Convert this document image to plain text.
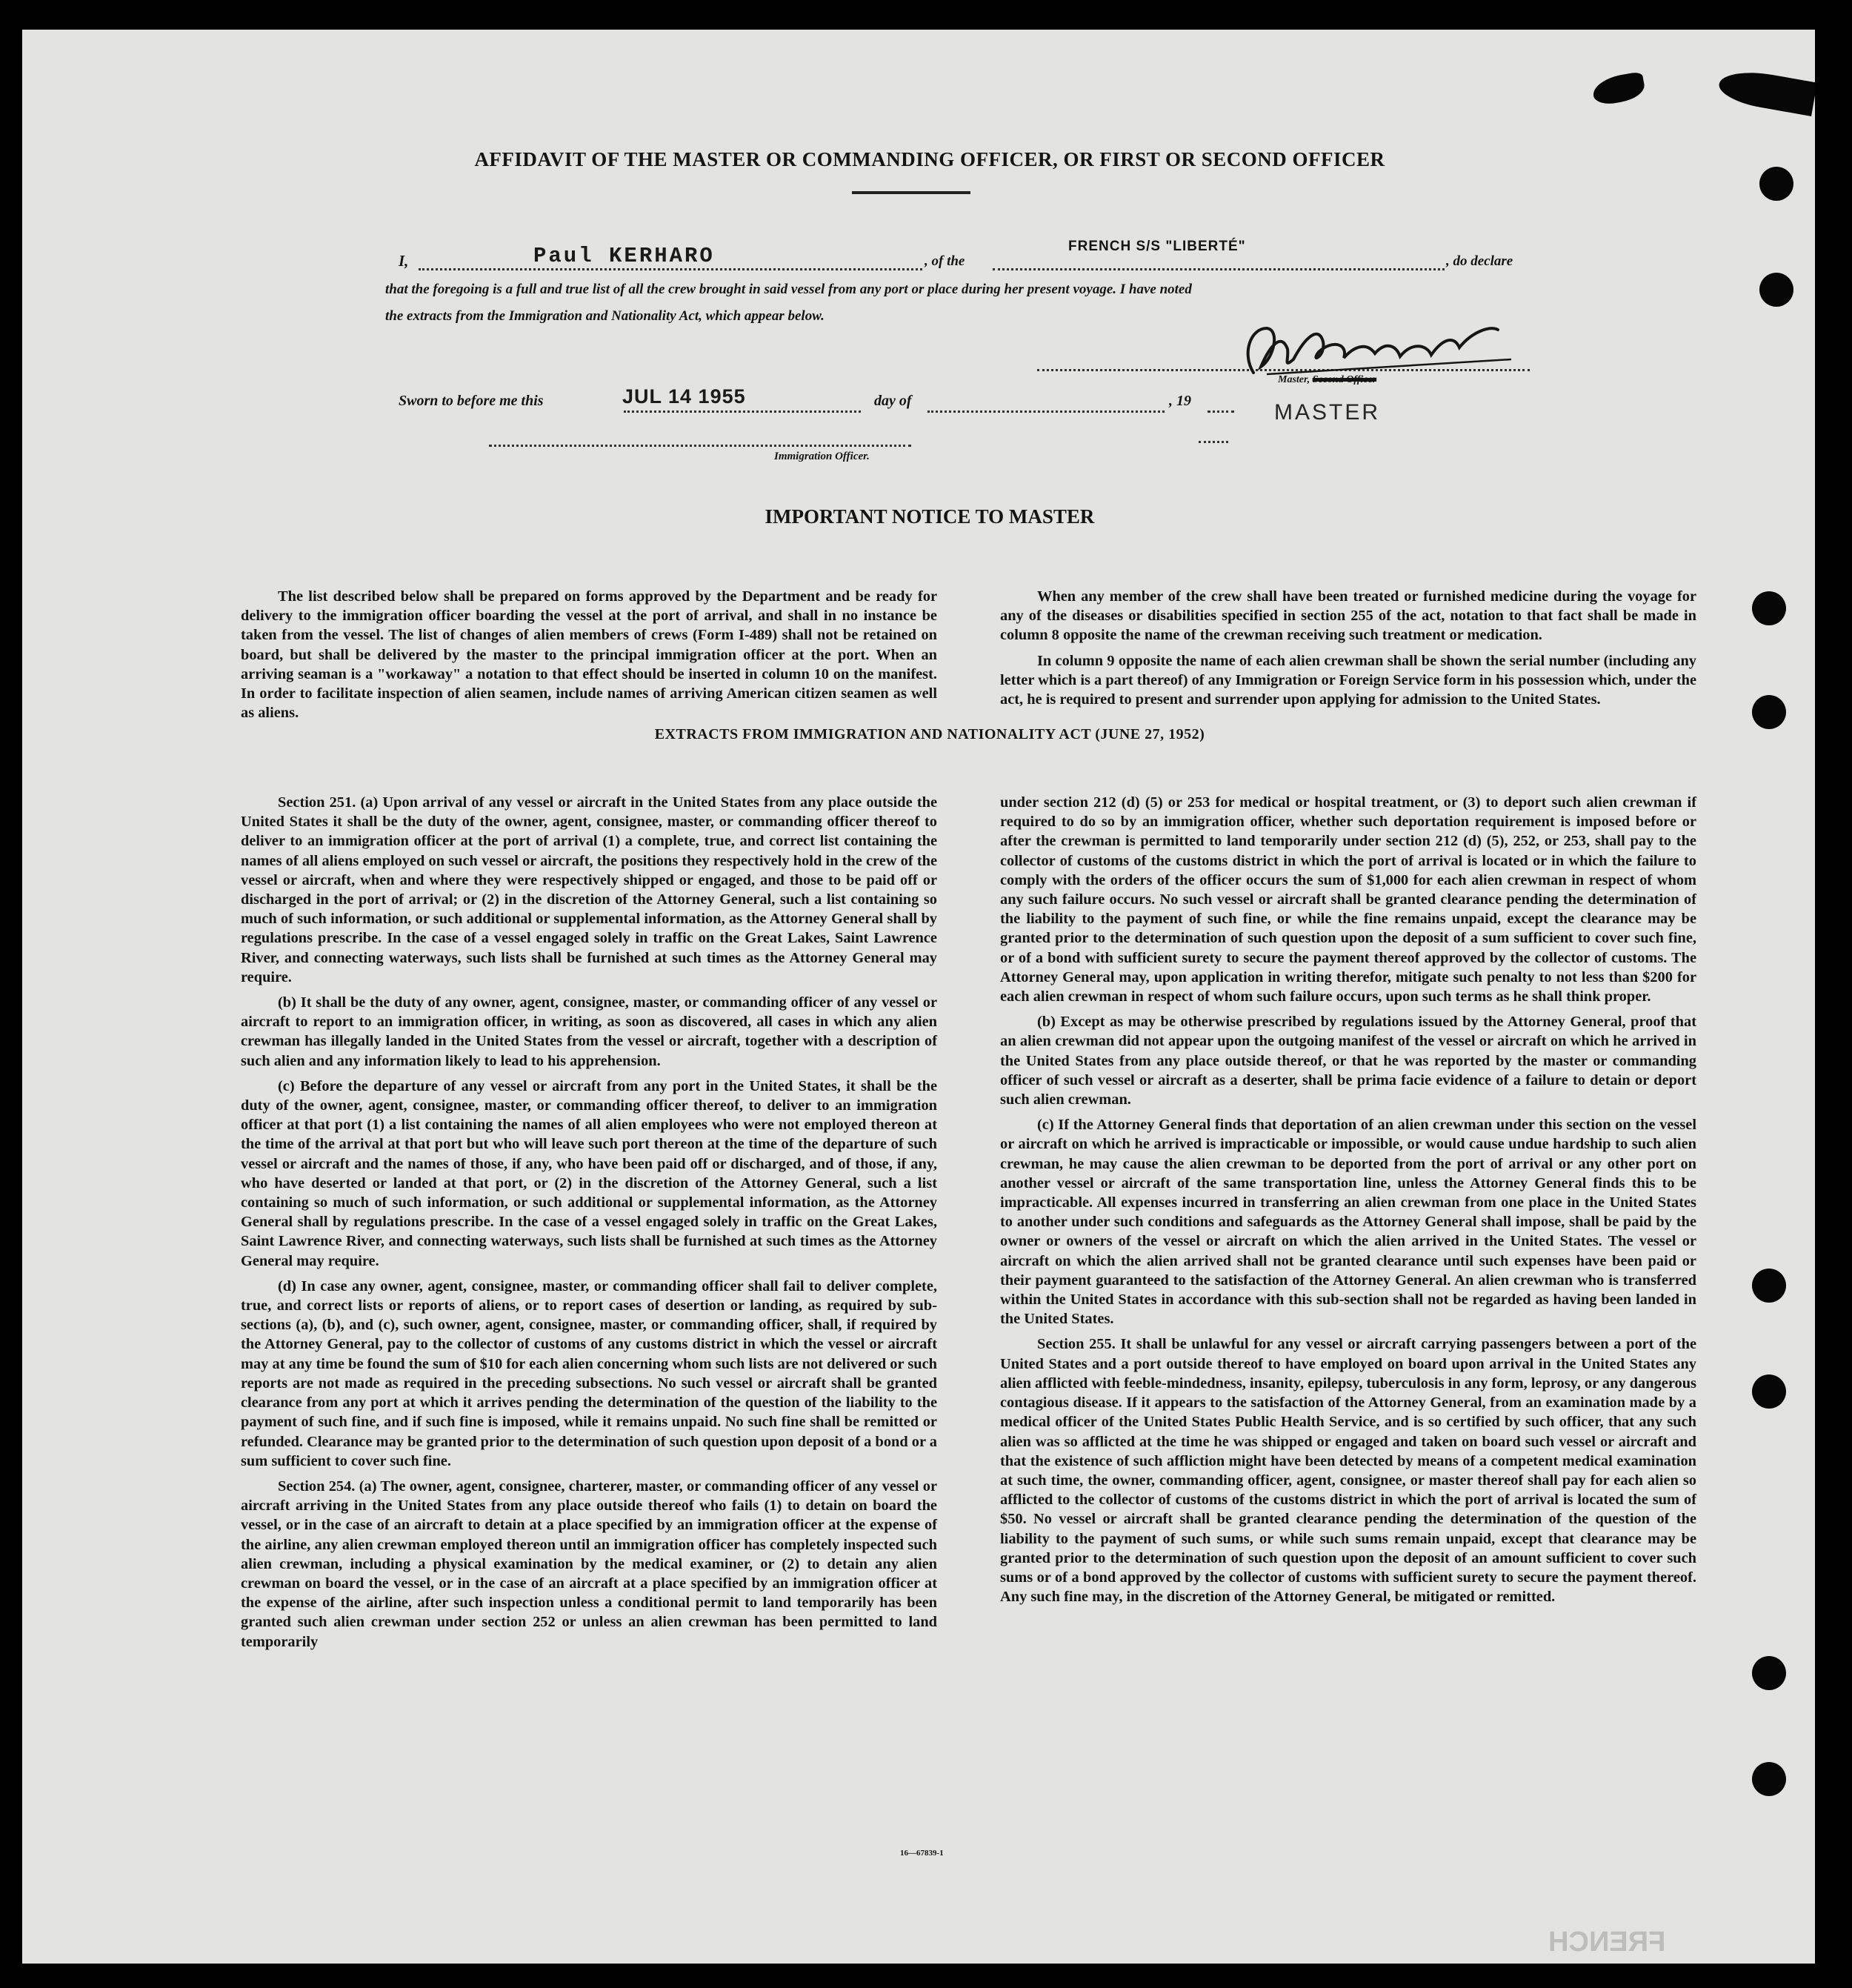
FRENCH
AFFIDAVIT OF THE MASTER OR COMMANDING OFFICER, OR FIRST OR SECOND OFFICER
I,	Paul KERHARO	, of the
FRENCH S/S "LIBERTÉ"
, do declare
that the foregoing is a full and true list of all the crew brought in said vessel from any port or place during her present voyage. I have noted
the extracts from the Immigration and Nationality Act, which appear below.
Master, Second Officer
Sworn to before me this	JUL 14 1955	day of	, 19	MASTER
Immigration Officer.
IMPORTANT NOTICE TO MASTER

The list described below shall be prepared on forms approved by the Department and be ready for delivery to the immigration officer boarding the vessel at the port of arrival, and shall in no instance be taken from the vessel. The list of changes of alien members of crews (Form I-489) shall not be retained on board, but shall be delivered by the master to the principal immigration officer at the port. When an arriving seaman is a "workaway" a notation to that effect should be inserted in column 10 on the manifest. In order to facilitate inspection of alien seamen, include names of arriving American citizen seamen as well as aliens.

When any member of the crew shall have been treated or furnished medicine during the voyage for any of the diseases or disabilities specified in section 255 of the act, notation to that fact shall be made in column 8 opposite the name of the crewman receiving such treatment or medication.

In column 9 opposite the name of each alien crewman shall be shown the serial number (including any letter which is a part thereof) of any Immigration or Foreign Service form in his possession which, under the act, he is required to present and surrender upon applying for admission to the United States.

EXTRACTS FROM IMMIGRATION AND NATIONALITY ACT (JUNE 27, 1952)

Section 251. (a) Upon arrival of any vessel or aircraft in the United States from any place outside the United States it shall be the duty of the owner, agent, consignee, master, or commanding officer thereof to deliver to an immigration officer at the port of arrival (1) a complete, true, and correct list containing the names of all aliens employed on such vessel or aircraft, the positions they respectively hold in the crew of the vessel or aircraft, when and where they were respectively shipped or engaged, and those to be paid off or discharged in the port of arrival; or (2) in the discretion of the Attorney General, such a list containing so much of such information, or such additional or supplemental information, as the Attorney General shall by regulations prescribe. In the case of a vessel engaged solely in traffic on the Great Lakes, Saint Lawrence River, and connecting waterways, such lists shall be furnished at such times as the Attorney General may require.

(b) It shall be the duty of any owner, agent, consignee, master, or commanding officer of any vessel or aircraft to report to an immigration officer, in writing, as soon as discovered, all cases in which any alien crewman has illegally landed in the United States from the vessel or aircraft, together with a description of such alien and any information likely to lead to his apprehension.

(c) Before the departure of any vessel or aircraft from any port in the United States, it shall be the duty of the owner, agent, consignee, master, or commanding officer thereof, to deliver to an immigration officer at that port (1) a list containing the names of all alien employees who were not employed thereon at the time of the arrival at that port but who will leave such port thereon at the time of the departure of such vessel or aircraft and the names of those, if any, who have been paid off or discharged, and of those, if any, who have deserted or landed at that port, or (2) in the discretion of the Attorney General, such a list containing so much of such information, or such additional or supplemental information, as the Attorney General shall by regulations prescribe. In the case of a vessel engaged solely in traffic on the Great Lakes, Saint Lawrence River, and connecting waterways, such lists shall be furnished at such times as the Attorney General may require.

(d) In case any owner, agent, consignee, master, or commanding officer shall fail to deliver complete, true, and correct lists or reports of aliens, or to report cases of desertion or landing, as required by sub-sections (a), (b), and (c), such owner, agent, consignee, master, or commanding officer, shall, if required by the Attorney General, pay to the collector of customs of any customs district in which the vessel or aircraft may at any time be found the sum of $10 for each alien concerning whom such lists are not delivered or such reports are not made as required in the preceding subsections. No such vessel or aircraft shall be granted clearance from any port at which it arrives pending the determination of the question of the liability to the payment of such fine, and if such fine is imposed, while it remains unpaid. No such fine shall be remitted or refunded. Clearance may be granted prior to the determination of such question upon deposit of a bond or a sum sufficient to cover such fine.

Section 254. (a) The owner, agent, consignee, charterer, master, or commanding officer of any vessel or aircraft arriving in the United States from any place outside thereof who fails (1) to detain on board the vessel, or in the case of an aircraft to detain at a place specified by an immigration officer at the expense of the airline, any alien crewman employed thereon until an immigration officer has completely inspected such alien crewman, including a physical examination by the medical examiner, or (2) to detain any alien crewman on board the vessel, or in the case of an aircraft at a place specified by an immigration officer at the expense of the airline, after such inspection unless a conditional permit to land temporarily has been granted such alien crewman under section 252 or unless an alien crewman has been permitted to land temporarily

under section 212 (d) (5) or 253 for medical or hospital treatment, or (3) to deport such alien crewman if required to do so by an immigration officer, whether such deportation requirement is imposed before or after the crewman is permitted to land temporarily under section 212 (d) (5), 252, or 253, shall pay to the collector of customs of the customs district in which the port of arrival is located or in which the failure to comply with the orders of the officer occurs the sum of $1,000 for each alien crewman in respect of whom any such failure occurs. No such vessel or aircraft shall be granted clearance pending the determination of the liability to the payment of such fine, or while the fine remains unpaid, except the clearance may be granted prior to the determination of such question upon the deposit of a sum sufficient to cover such fine, or of a bond with sufficient surety to secure the payment thereof approved by the collector of customs. The Attorney General may, upon application in writing therefor, mitigate such penalty to not less than $200 for each alien crewman in respect of whom such failure occurs, upon such terms as he shall think proper.

(b) Except as may be otherwise prescribed by regulations issued by the Attorney General, proof that an alien crewman did not appear upon the outgoing manifest of the vessel or aircraft on which he arrived in the United States from any place outside thereof, or that he was reported by the master or commanding officer of such vessel or aircraft as a deserter, shall be prima facie evidence of a failure to detain or deport such alien crewman.

(c) If the Attorney General finds that deportation of an alien crewman under this section on the vessel or aircraft on which he arrived is impracticable or impossible, or would cause undue hardship to such alien crewman, he may cause the alien crewman to be deported from the port of arrival or any other port on another vessel or aircraft of the same transportation line, unless the Attorney General finds this to be impracticable. All expenses incurred in transferring an alien crewman from one place in the United States to another under such conditions and safeguards as the Attorney General shall impose, shall be paid by the owner or owners of the vessel or aircraft on which the alien arrived in the United States. The vessel or aircraft on which the alien arrived shall not be granted clearance until such expenses have been paid or their payment guaranteed to the satisfaction of the Attorney General. An alien crewman who is transferred within the United States in accordance with this sub-section shall not be regarded as having been landed in the United States.

Section 255. It shall be unlawful for any vessel or aircraft carrying passengers between a port of the United States and a port outside thereof to have employed on board upon arrival in the United States any alien afflicted with feeble-mindedness, insanity, epilepsy, tuberculosis in any form, leprosy, or any dangerous contagious disease. If it appears to the satisfaction of the Attorney General, from an examination made by a medical officer of the United States Public Health Service, and is so certified by such officer, that any such alien was so afflicted at the time he was shipped or engaged and taken on board such vessel or aircraft and that the existence of such affliction might have been detected by means of a competent medical examination at such time, the owner, commanding officer, agent, consignee, or master thereof shall pay for each alien so afflicted to the collector of customs of the customs district in which the port of arrival is located the sum of $50. No vessel or aircraft shall be granted clearance pending the determination of the question of the liability to the payment of such sums, or while such sums remain unpaid, except that clearance may be granted prior to the determination of such question upon the deposit of an amount sufficient to cover such sums or of a bond approved by the collector of customs with sufficient surety to secure the payment thereof. Any such fine may, in the discretion of the Attorney General, be mitigated or remitted.

16—67839-1
